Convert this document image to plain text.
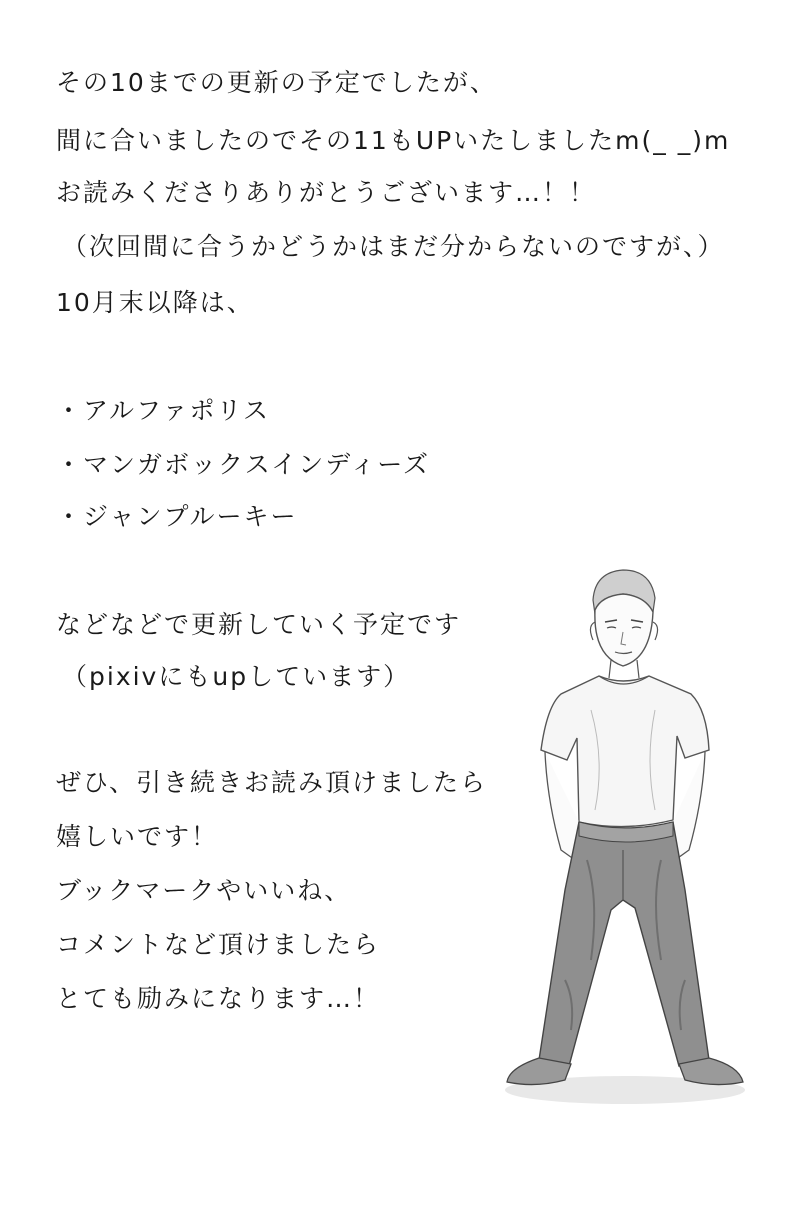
その10までの更新の予定でしたが、
間に合いましたのでその11もUPいたしましたm(_ _)m
お読みくださりありがとうございます…！！
（次回間に合うかどうかはまだ分からないのですが、）
10月末以降は、
・アルファポリス
・マンガボックスインディーズ
・ジャンプルーキー
などなどで更新していく予定です
（pixivにもupしています）
ぜひ、引き続きお読み頂けましたら
嬉しいです！
ブックマークやいいね、
コメントなど頂けましたら
とても励みになります…！
